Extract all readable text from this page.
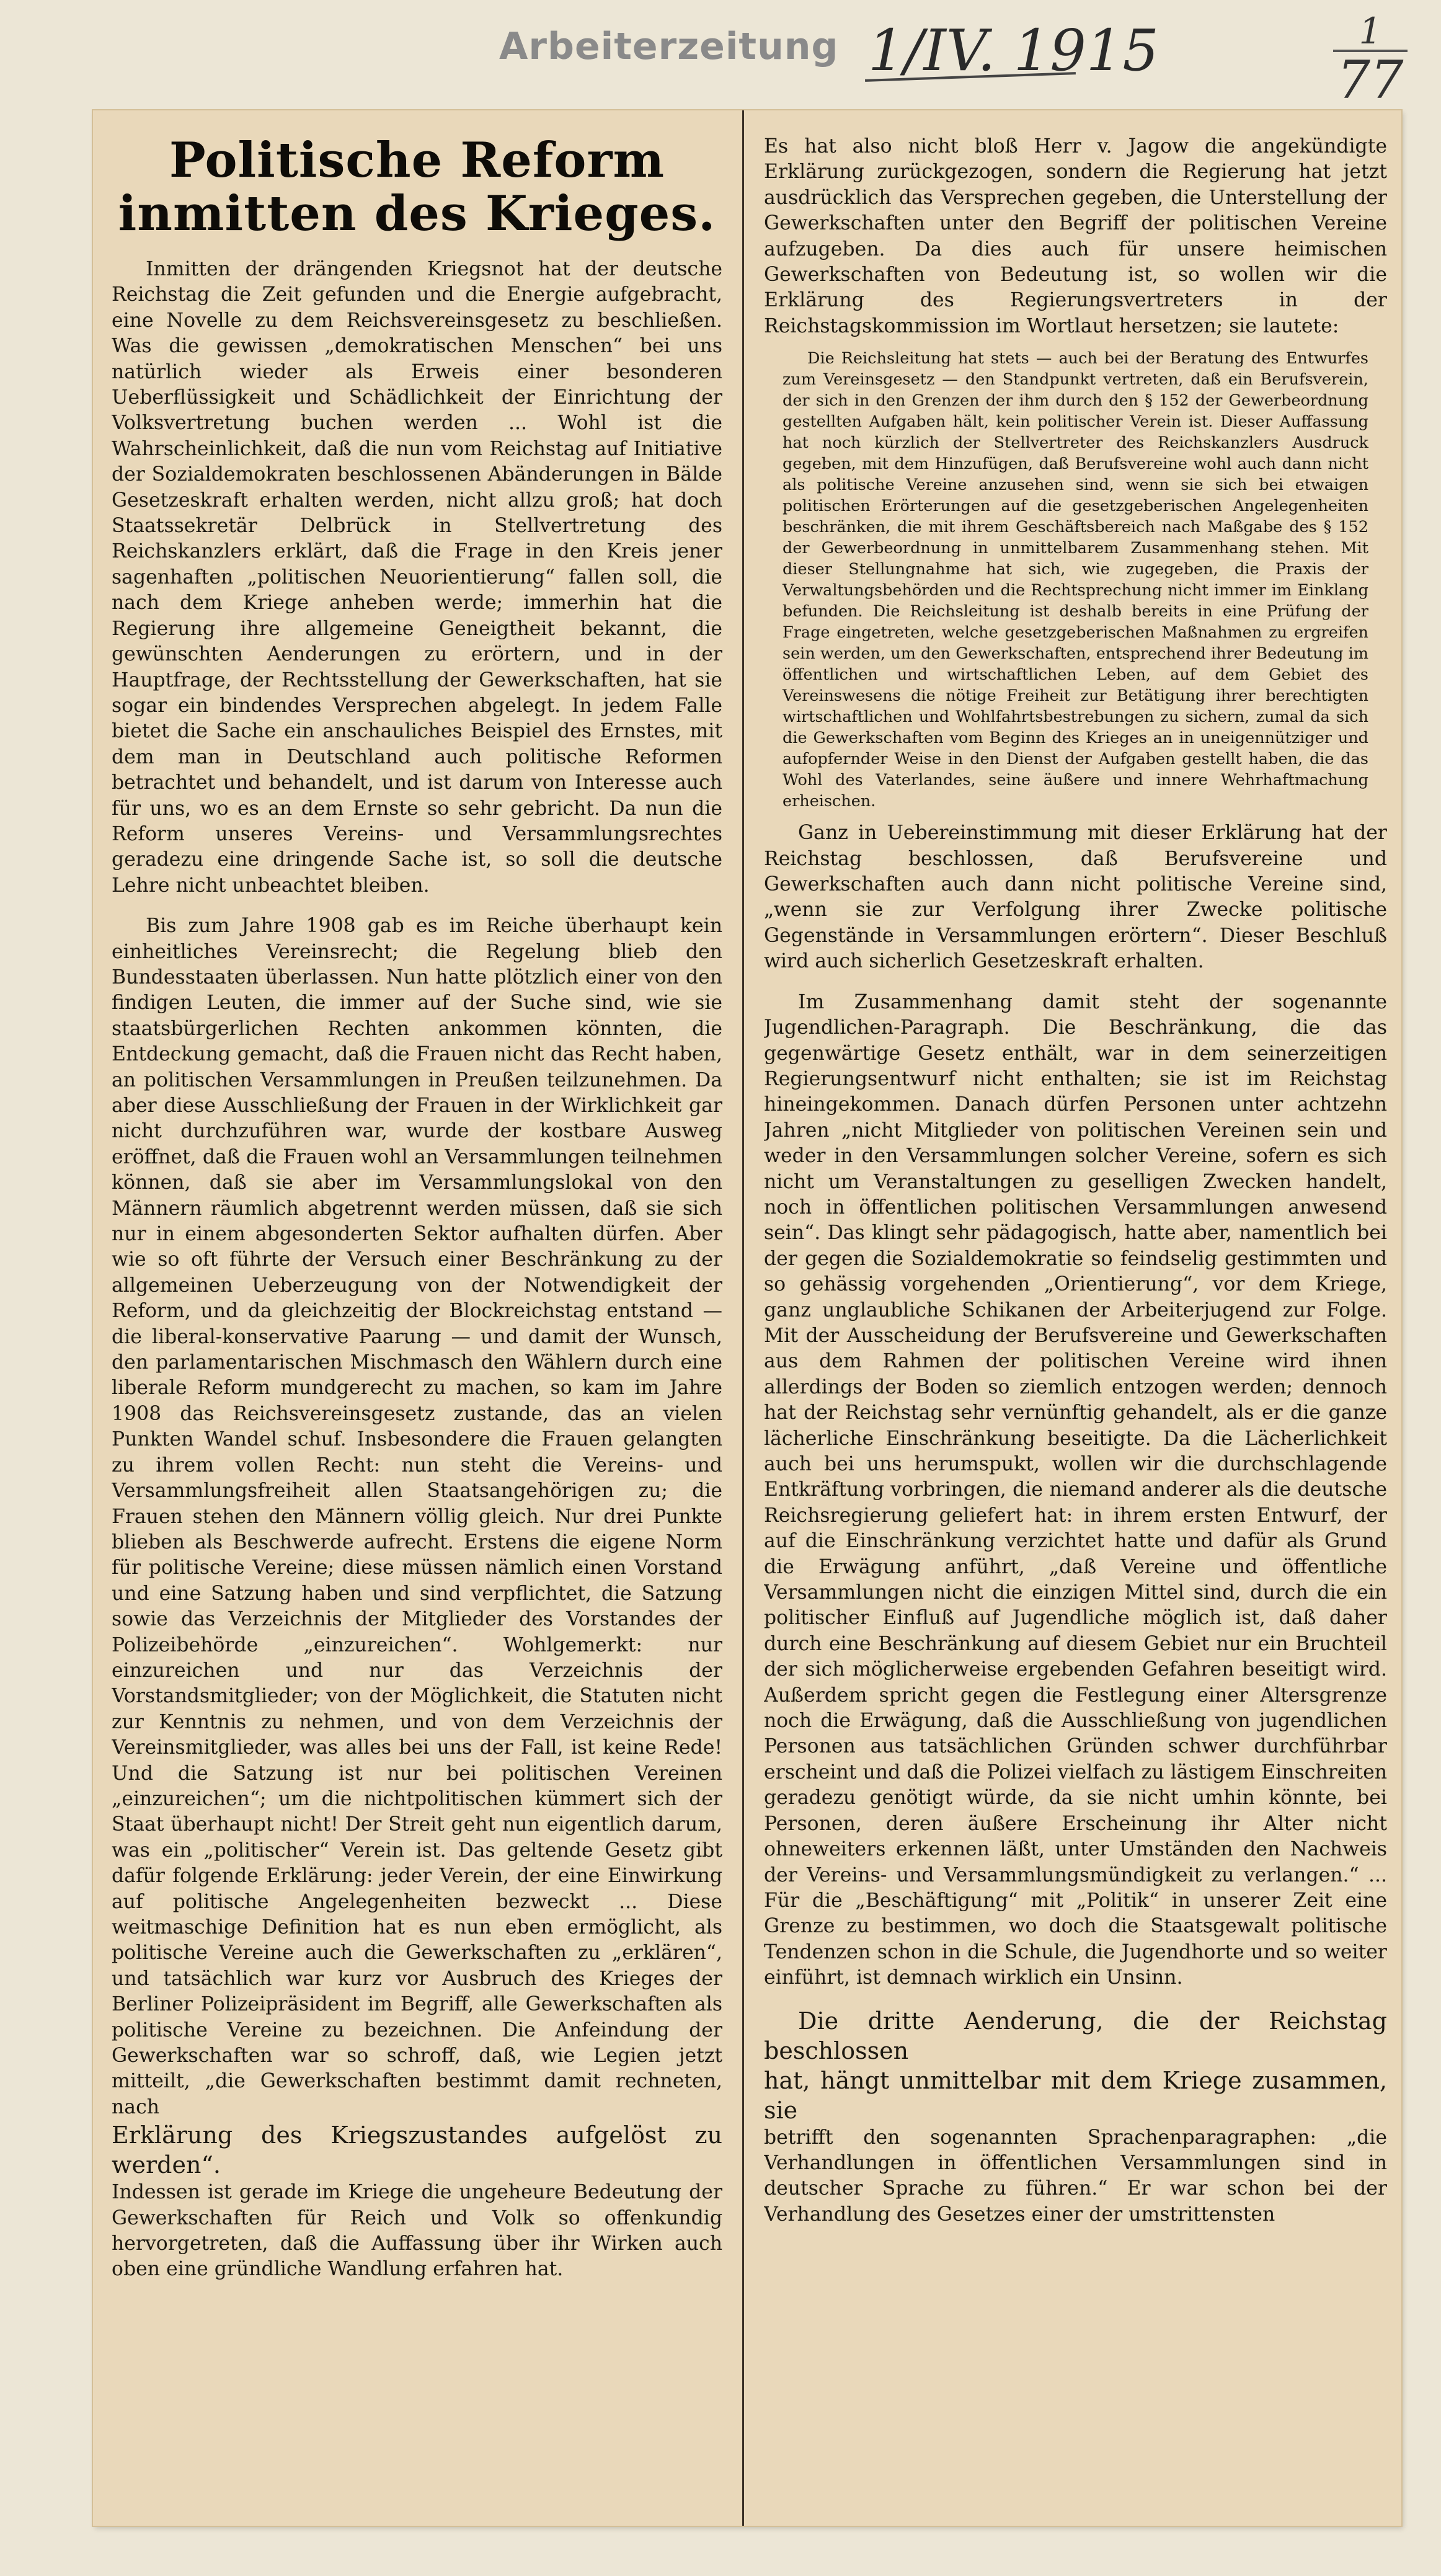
Arbeiterzeitung 1/IV. 1915	1
77
Politische Reform inmitten des Krieges.

Inmitten der drängenden Kriegsnot hat der deutsche Reichstag die Zeit gefunden und die Energie aufgebracht, eine Novelle zu dem Reichsvereinsgesetz zu beschließen. Was die gewissen „demokratischen Menschen“ bei uns natürlich wieder als Erweis einer besonderen Ueberflüssigkeit und Schädlichkeit der Einrichtung der Volksvertretung buchen werden ... Wohl ist die Wahrscheinlichkeit, daß die nun vom Reichstag auf Initiative der Sozialdemokraten beschlossenen Abänderungen in Bälde Gesetzeskraft erhalten werden, nicht allzu groß; hat doch Staatssekretär Delbrück in Stellvertretung des Reichskanzlers erklärt, daß die Frage in den Kreis jener sagenhaften „politischen Neuorientierung“ fallen soll, die nach dem Kriege anheben werde; immerhin hat die Regierung ihre allgemeine Geneigtheit bekannt, die gewünschten Aenderungen zu erörtern, und in der Hauptfrage, der Rechtsstellung der Gewerkschaften, hat sie sogar ein bindendes Versprechen abgelegt. In jedem Falle bietet die Sache ein anschauliches Beispiel des Ernstes, mit dem man in Deutschland auch politische Reformen betrachtet und behandelt, und ist darum von Interesse auch für uns, wo es an dem Ernste so sehr gebricht. Da nun die Reform unseres Vereins- und Versammlungsrechtes geradezu eine dringende Sache ist, so soll die deutsche Lehre nicht unbeachtet bleiben.

Bis zum Jahre 1908 gab es im Reiche überhaupt kein einheitliches Vereinsrecht; die Regelung blieb den Bundesstaaten überlassen. Nun hatte plötzlich einer von den findigen Leuten, die immer auf der Suche sind, wie sie staatsbürgerlichen Rechten ankommen könnten, die Entdeckung gemacht, daß die Frauen nicht das Recht haben, an politischen Versammlungen in Preußen teilzunehmen. Da aber diese Ausschließung der Frauen in der Wirklichkeit gar nicht durchzuführen war, wurde der kostbare Ausweg eröffnet, daß die Frauen wohl an Versammlungen teilnehmen können, daß sie aber im Versammlungslokal von den Männern räumlich abgetrennt werden müssen, daß sie sich nur in einem abgesonderten Sektor aufhalten dürfen. Aber wie so oft führte der Versuch einer Beschränkung zu der allgemeinen Ueberzeugung von der Notwendigkeit der Reform, und da gleichzeitig der Blockreichstag entstand — die liberal-konservative Paarung — und damit der Wunsch, den parlamentarischen Mischmasch den Wählern durch eine liberale Reform mundgerecht zu machen, so kam im Jahre 1908 das Reichsvereinsgesetz zustande, das an vielen Punkten Wandel schuf. Insbesondere die Frauen gelangten zu ihrem vollen Recht: nun steht die Vereins- und Versammlungsfreiheit allen Staatsangehörigen zu; die Frauen stehen den Männern völlig gleich. Nur drei Punkte blieben als Beschwerde aufrecht. Erstens die eigene Norm für politische Vereine; diese müssen nämlich einen Vorstand und eine Satzung haben und sind verpflichtet, die Satzung sowie das Verzeichnis der Mitglieder des Vorstandes der Polizeibehörde „einzureichen“. Wohlgemerkt: nur einzureichen und nur das Verzeichnis der Vorstandsmitglieder; von der Möglichkeit, die Statuten nicht zur Kenntnis zu nehmen, und von dem Verzeichnis der Vereinsmitglieder, was alles bei uns der Fall, ist keine Rede! Und die Satzung ist nur bei politischen Vereinen „einzureichen“; um die nichtpolitischen kümmert sich der Staat überhaupt nicht! Der Streit geht nun eigentlich darum, was ein „politischer“ Verein ist. Das geltende Gesetz gibt dafür folgende Erklärung: jeder Verein, der eine Einwirkung auf politische Angelegenheiten bezweckt ... Diese weitmaschige Definition hat es nun eben ermöglicht, als politische Vereine auch die Gewerkschaften zu „erklären“, und tatsächlich war kurz vor Ausbruch des Krieges der Berliner Polizeipräsident im Begriff, alle Gewerkschaften als politische Vereine zu bezeichnen. Die Anfeindung der Gewerkschaften war so schroff, daß, wie Legien jetzt mitteilt, „die Gewerkschaften bestimmt damit rechneten, nach

Erklärung des Kriegszustandes aufgelöst zu werden“.

Indessen ist gerade im Kriege die ungeheure Bedeutung der Gewerkschaften für Reich und Volk so offenkundig hervorgetreten, daß die Auffassung über ihr Wirken auch oben eine gründliche Wandlung erfahren hat.

Es hat also nicht bloß Herr v. Jagow die angekündigte Erklärung zurückgezogen, sondern die Regierung hat jetzt ausdrücklich das Versprechen gegeben, die Unterstellung der Gewerkschaften unter den Begriff der politischen Vereine aufzugeben. Da dies auch für unsere heimischen Gewerkschaften von Bedeutung ist, so wollen wir die Erklärung des Regierungsvertreters in der Reichstagskommission im Wortlaut hersetzen; sie lautete:

Die Reichsleitung hat stets — auch bei der Beratung des Entwurfes zum Vereinsgesetz — den Standpunkt vertreten, daß ein Berufsverein, der sich in den Grenzen der ihm durch den § 152 der Gewerbeordnung gestellten Aufgaben hält, kein politischer Verein ist. Dieser Auffassung hat noch kürzlich der Stellvertreter des Reichskanzlers Ausdruck gegeben, mit dem Hinzufügen, daß Berufsvereine wohl auch dann nicht als politische Vereine anzusehen sind, wenn sie sich bei etwaigen politischen Erörterungen auf die gesetzgeberischen Angelegenheiten beschränken, die mit ihrem Geschäftsbereich nach Maßgabe des § 152 der Gewerbeordnung in unmittelbarem Zusammenhang stehen. Mit dieser Stellungnahme hat sich, wie zugegeben, die Praxis der Verwaltungsbehörden und die Rechtsprechung nicht immer im Einklang befunden. Die Reichsleitung ist deshalb bereits in eine Prüfung der Frage eingetreten, welche gesetzgeberischen Maßnahmen zu ergreifen sein werden, um den Gewerkschaften, entsprechend ihrer Bedeutung im öffentlichen und wirtschaftlichen Leben, auf dem Gebiet des Vereinswesens die nötige Freiheit zur Betätigung ihrer berechtigten wirtschaftlichen und Wohlfahrtsbestrebungen zu sichern, zumal da sich die Gewerkschaften vom Beginn des Krieges an in uneigennütziger und aufopfernder Weise in den Dienst der Aufgaben gestellt haben, die das Wohl des Vaterlandes, seine äußere und innere Wehrhaftmachung erheischen.

Ganz in Uebereinstimmung mit dieser Erklärung hat der Reichstag beschlossen, daß Berufsvereine und Gewerkschaften auch dann nicht politische Vereine sind, „wenn sie zur Verfolgung ihrer Zwecke politische Gegenstände in Versammlungen erörtern“. Dieser Beschluß wird auch sicherlich Gesetzeskraft erhalten.

Im Zusammenhang damit steht der sogenannte Jugendlichen-Paragraph. Die Beschränkung, die das gegenwärtige Gesetz enthält, war in dem seinerzeitigen Regierungsentwurf nicht enthalten; sie ist im Reichstag hineingekommen. Danach dürfen Personen unter achtzehn Jahren „nicht Mitglieder von politischen Vereinen sein und weder in den Versammlungen solcher Vereine, sofern es sich nicht um Veranstaltungen zu geselligen Zwecken handelt, noch in öffentlichen politischen Versammlungen anwesend sein“. Das klingt sehr pädagogisch, hatte aber, namentlich bei der gegen die Sozialdemokratie so feindselig gestimmten und so gehässig vorgehenden „Orientierung“, vor dem Kriege, ganz unglaubliche Schikanen der Arbeiterjugend zur Folge. Mit der Ausscheidung der Berufsvereine und Gewerkschaften aus dem Rahmen der politischen Vereine wird ihnen allerdings der Boden so ziemlich entzogen werden; dennoch hat der Reichstag sehr vernünftig gehandelt, als er die ganze lächerliche Einschränkung beseitigte. Da die Lächerlichkeit auch bei uns herumspukt, wollen wir die durchschlagende Entkräftung vorbringen, die niemand anderer als die deutsche Reichsregierung geliefert hat: in ihrem ersten Entwurf, der auf die Einschränkung verzichtet hatte und dafür als Grund die Erwägung anführt, „daß Vereine und öffentliche Versammlungen nicht die einzigen Mittel sind, durch die ein politischer Einfluß auf Jugendliche möglich ist, daß daher durch eine Beschränkung auf diesem Gebiet nur ein Bruchteil der sich möglicherweise ergebenden Gefahren beseitigt wird. Außerdem spricht gegen die Festlegung einer Altersgrenze noch die Erwägung, daß die Ausschließung von jugendlichen Personen aus tatsächlichen Gründen schwer durchführbar erscheint und daß die Polizei vielfach zu lästigem Einschreiten geradezu genötigt würde, da sie nicht umhin könnte, bei Personen, deren äußere Erscheinung ihr Alter nicht ohneweiters erkennen läßt, unter Umständen den Nachweis der Vereins- und Versammlungsmündigkeit zu verlangen.“ ... Für die „Beschäftigung“ mit „Politik“ in unserer Zeit eine Grenze zu bestimmen, wo doch die Staatsgewalt politische Tendenzen schon in die Schule, die Jugendhorte und so weiter einführt, ist demnach wirklich ein Unsinn.

Die dritte Aenderung, die der Reichstag beschlossen

hat, hängt unmittelbar mit dem Kriege zusammen, sie

betrifft den sogenannten Sprachenparagraphen: „die Verhandlungen in öffentlichen Versammlungen sind in deutscher Sprache zu führen.“ Er war schon bei der Verhandlung des Gesetzes einer der umstrittensten
